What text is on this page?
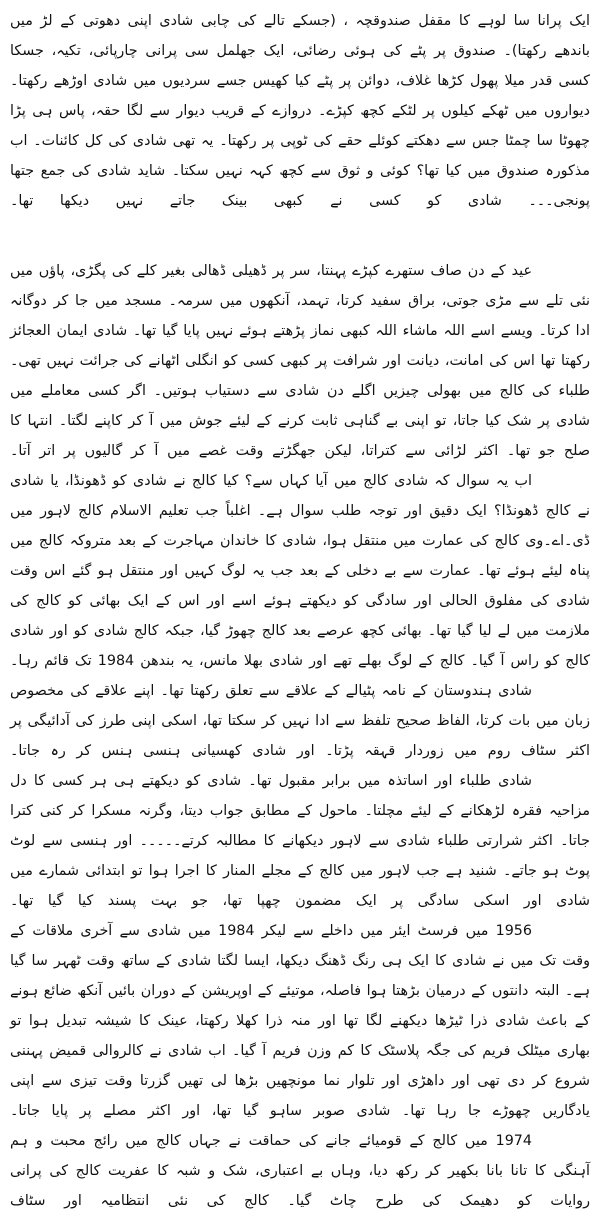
ایک پرانا سا لوہے کا مقفل صندوقچہ ، (جسکے تالے کی چابی شادی اپنی دھوتی کے لڑ میں باندھے رکھتا)۔ صندوق پر پٹے کی ہوئی رضائی، ایک جھلمل سی پرانی چارپائی، تکیہ، جسکا کسی قدر میلا پھول کڑھا غلاف، دوائن پر پٹے کیا کھیس جسے سردیوں میں شادی اوڑھے رکھتا۔ دیواروں میں ٹھکے کیلوں پر لٹکے کچھ کپڑے۔ دروازے کے قریب دیوار سے لگا حقہ، پاس ہی پڑا چھوٹا سا چمٹا جس سے دھکتے کوئلے حقے کی ٹوپی پر رکھتا۔ یہ تھی شادی کی کل کائنات۔ اب مذکورہ صندوق میں کیا تھا؟ کوئی و ثوق سے کچھ کہہ نہیں سکتا۔ شاید شادی کی جمع جتھا پونجی۔۔۔ شادی کو کسی نے کبھی بینک جاتے نہیں دیکھا تھا۔

عید کے دن صاف ستھرے کپڑے پہنتا، سر پر ڈھیلی ڈھالی بغیر کلے کی پگڑی، پاؤں میں نئی تلے سے مڑی جوتی، براق سفید کرتا، تہمد، آنکھوں میں سرمہ۔ مسجد میں جا کر دوگانہ ادا کرتا۔ ویسے اسے اللہ ماشاء اللہ کبھی نماز پڑھتے ہوئے نہیں پایا گیا تھا۔ شادی ایمان العجائز رکھتا تھا اس کی امانت، دیانت اور شرافت پر کبھی کسی کو انگلی اٹھانے کی جرائت نہیں تھی۔ طلباء کی کالج میں بھولی چیزیں اگلے دن شادی سے دستیاب ہوتیں۔ اگر کسی معاملے میں شادی پر شک کیا جاتا، تو اپنی بے گناہی ثابت کرنے کے لیئے جوش میں آ کر کاپنے لگتا۔ انتہا کا صلح جو تھا۔ اکثر لڑائی سے کتراتا، لیکن جھگڑتے وقت غصے میں آ کر گالیوں پر اتر آتا۔

اب یہ سوال کہ شادی کالج میں آیا کہاں سے؟ کیا کالج نے شادی کو ڈھونڈا، یا شادی نے کالج ڈھونڈا؟ ایک دقیق اور توجہ طلب سوال ہے۔ اغلباً جب تعلیم الاسلام کالج لاہور میں ڈی۔اے۔وی کالج کی عمارت میں منتقل ہوا، شادی کا خاندان مہاجرت کے بعد متروکہ کالج میں پناہ لیئے ہوئے تھا۔ عمارت سے بے دخلی کے بعد جب یہ لوگ کہیں اور منتقل ہو گئے اس وقت شادی کی مفلوق الحالی اور سادگی کو دیکھتے ہوئے اسے اور اس کے ایک بھائی کو کالج کی ملازمت میں لے لیا گیا تھا۔ بھائی کچھ عرصے بعد کالج چھوڑ گیا، جبکہ کالج شادی کو اور شادی کالج کو راس آ گیا۔ کالج کے لوگ بھلے تھے اور شادی بھلا مانس، یہ بندھن 1984 تک قائم رہا۔

شادی ہندوستان کے نامہ پٹیالے کے علاقے سے تعلق رکھتا تھا۔ اپنے علاقے کی مخصوص زبان میں بات کرتا، الفاظ صحیح تلفظ سے ادا نہیں کر سکتا تھا، اسکی اپنی طرز کی آدائیگی پر اکثر سٹاف روم میں زوردار قہقہ پڑتا۔ اور شادی کھسیانی ہنسی ہنس کر رہ جاتا۔

شادی طلباء اور اساتذہ میں برابر مقبول تھا۔ شادی کو دیکھتے ہی ہر کسی کا دل مزاحیہ فقرہ لڑھکانے کے لیئے مچلتا۔ ماحول کے مطابق جواب دیتا، وگرنہ مسکرا کر کنی کترا جاتا۔ اکثر شرارتی طلباء شادی سے لاہور دیکھانے کا مطالبہ کرتے۔۔۔۔۔ اور ہنسی سے لوٹ پوٹ ہو جاتے۔ شنید ہے جب لاہور میں کالج کے مجلے المنار کا اجرا ہوا تو ابتدائی شمارے میں شادی اور اسکی سادگی پر ایک مضمون چھپا تھا، جو بہت پسند کیا گیا تھا۔

1956 میں فرسٹ ایئر میں داخلے سے لیکر 1984 میں شادی سے آخری ملاقات کے وقت تک میں نے شادی کا ایک ہی رنگ ڈھنگ دیکھا، ایسا لگتا شادی کے ساتھ وقت ٹھہر سا گیا ہے۔ البتہ دانتوں کے درمیان بڑھتا ہوا فاصلہ، موتیئے کے اوپریشن کے دوران بائیں آنکھ ضائع ہونے کے باعث شادی ذرا ٹیڑھا دیکھنے لگا تھا اور منہ ذرا کھلا رکھتا، عینک کا شیشہ تبدیل ہوا تو بھاری میٹلک فریم کی جگہ پلاسٹک کا کم وزن فریم آ گیا۔ اب شادی نے کالروالی قمیض پہننی شروع کر دی تھی اور داھڑی اور تلوار نما مونچھیں بڑھا لی تھیں گزرتا وقت تیزی سے اپنی یادگاریں چھوڑے جا رہا تھا۔ شادی صوبر ساہو گیا تھا، اور اکثر مصلے پر پایا جاتا۔

1974 میں کالج کے قومیائے جانے کی حماقت نے جہاں کالج میں رائج محبت و ہم آہنگی کا تانا بانا بکھیر کر رکھ دیا، وہاں بے اعتباری، شک و شبہ کا عفریت کالج کی پرانی روایات کو دھیمک کی طرح چاٹ گیا۔ کالج کی نئی انتظامیہ اور سٹاف
